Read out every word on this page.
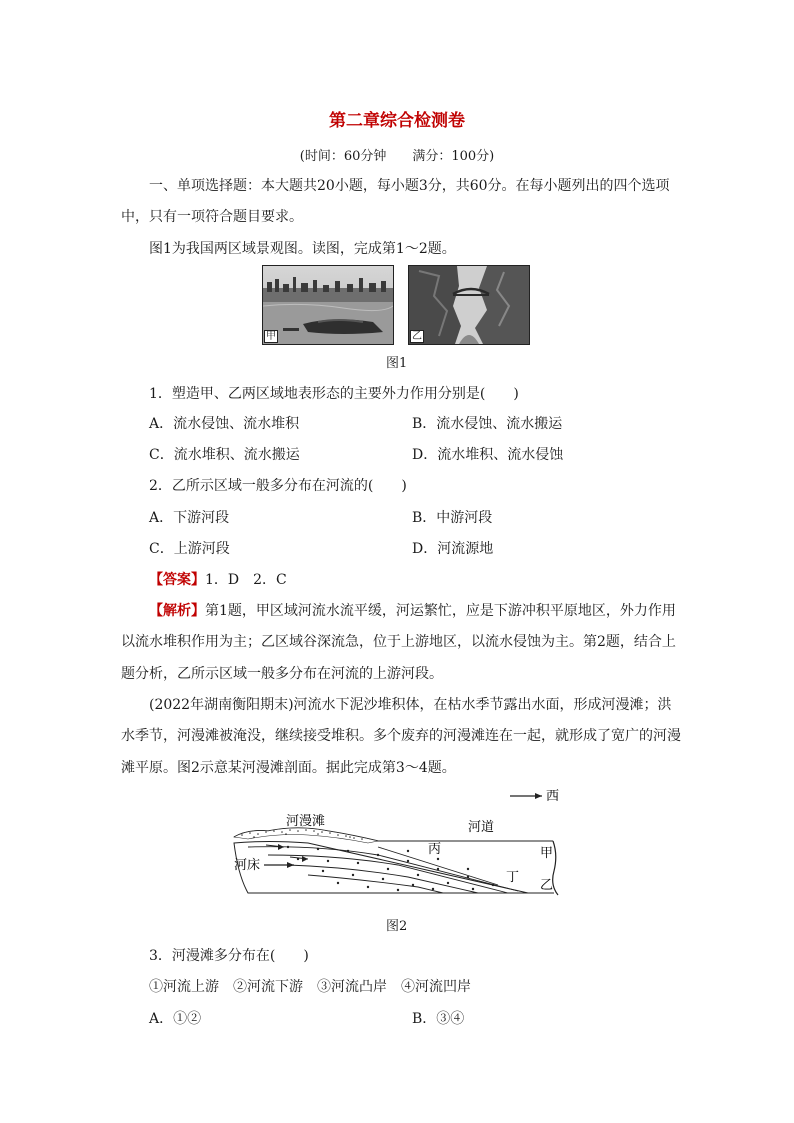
第二章综合检测卷
(时间：60分钟　　满分：100分)
一、单项选择题：本大题共20小题，每小题3分，共60分。在每小题列出的四个选项
中，只有一项符合题目要求。
图1为我国两区域景观图。读图，完成第1～2题。
甲	乙
图1
1．塑造甲、乙两区域地表形态的主要外力作用分别是(　　)
A．流水侵蚀、流水堆积	B．流水侵蚀、流水搬运
C．流水堆积、流水搬运	D．流水堆积、流水侵蚀
2．乙所示区域一般多分布在河流的(　　)
A．下游河段	B．中游河段
C．上游河段	D．河流源地
【答案】1．D　2．C
【解析】第1题，甲区域河流水流平缓，河运繁忙，应是下游冲积平原地区，外力作用
以流水堆积作用为主；乙区域谷深流急，位于上游地区，以流水侵蚀为主。第2题，结合上
题分析，乙所示区域一般多分布在河流的上游河段。
(2022年湖南衡阳期末)河流水下泥沙堆积体，在枯水季节露出水面，形成河漫滩；洪
水季节，河漫滩被淹没，继续接受堆积。多个废弃的河漫滩连在一起，就形成了宽广的河漫
滩平原。图2示意某河漫滩剖面。据此完成第3～4题。
西
河漫滩	河道
河床
甲
丙
丁
乙
图2
3．河漫滩多分布在(　　)
①河流上游　②河流下游　③河流凸岸　④河流凹岸
A．①②	B．③④
